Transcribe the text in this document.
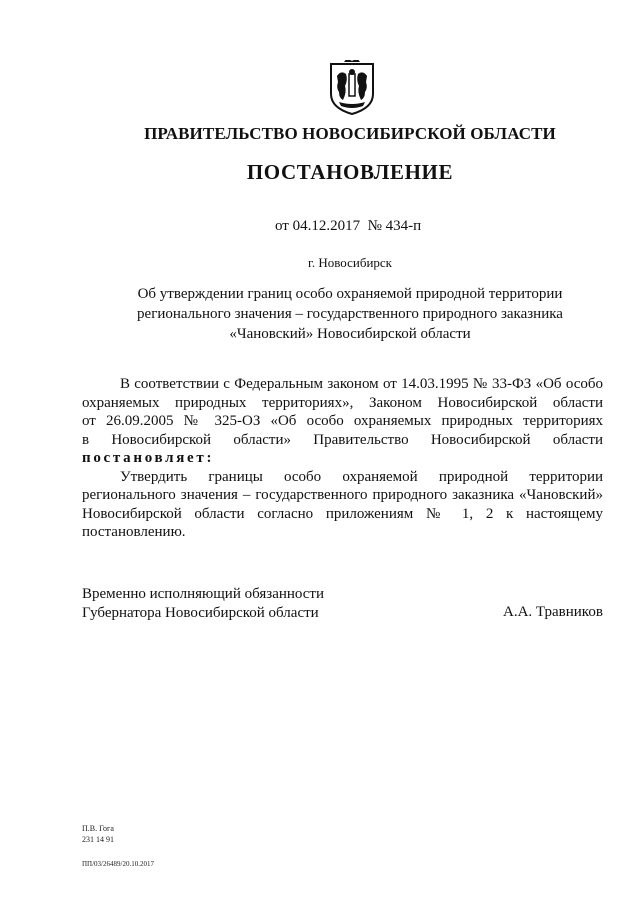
ПРАВИТЕЛЬСТВО НОВОСИБИРСКОЙ ОБЛАСТИ
ПОСТАНОВЛЕНИЕ
от 04.12.2017  № 434-п
г. Новосибирск
Об утверждении границ особо охраняемой природной территории
регионального значения – государственного природного заказника
«Чановский» Новосибирской области
В соответствии с Федеральным законом от 14.03.1995 № 33-ФЗ «Об особо
охраняемых природных территориях», Законом Новосибирской области
от 26.09.2005 № 325-ОЗ «Об особо охраняемых природных территориях
в Новосибирской области» Правительство Новосибирской области
постановляет:
Утвердить границы особо охраняемой природной территории
регионального значения – государственного природного заказника «Чановский»
Новосибирской области согласно приложениям № 1, 2 к настоящему
постановлению.
Временно исполняющий обязанности
Губернатора Новосибирской области	А.А. Травников
П.В. Гога
231 14 91
ПП/03/26489/20.10.2017
